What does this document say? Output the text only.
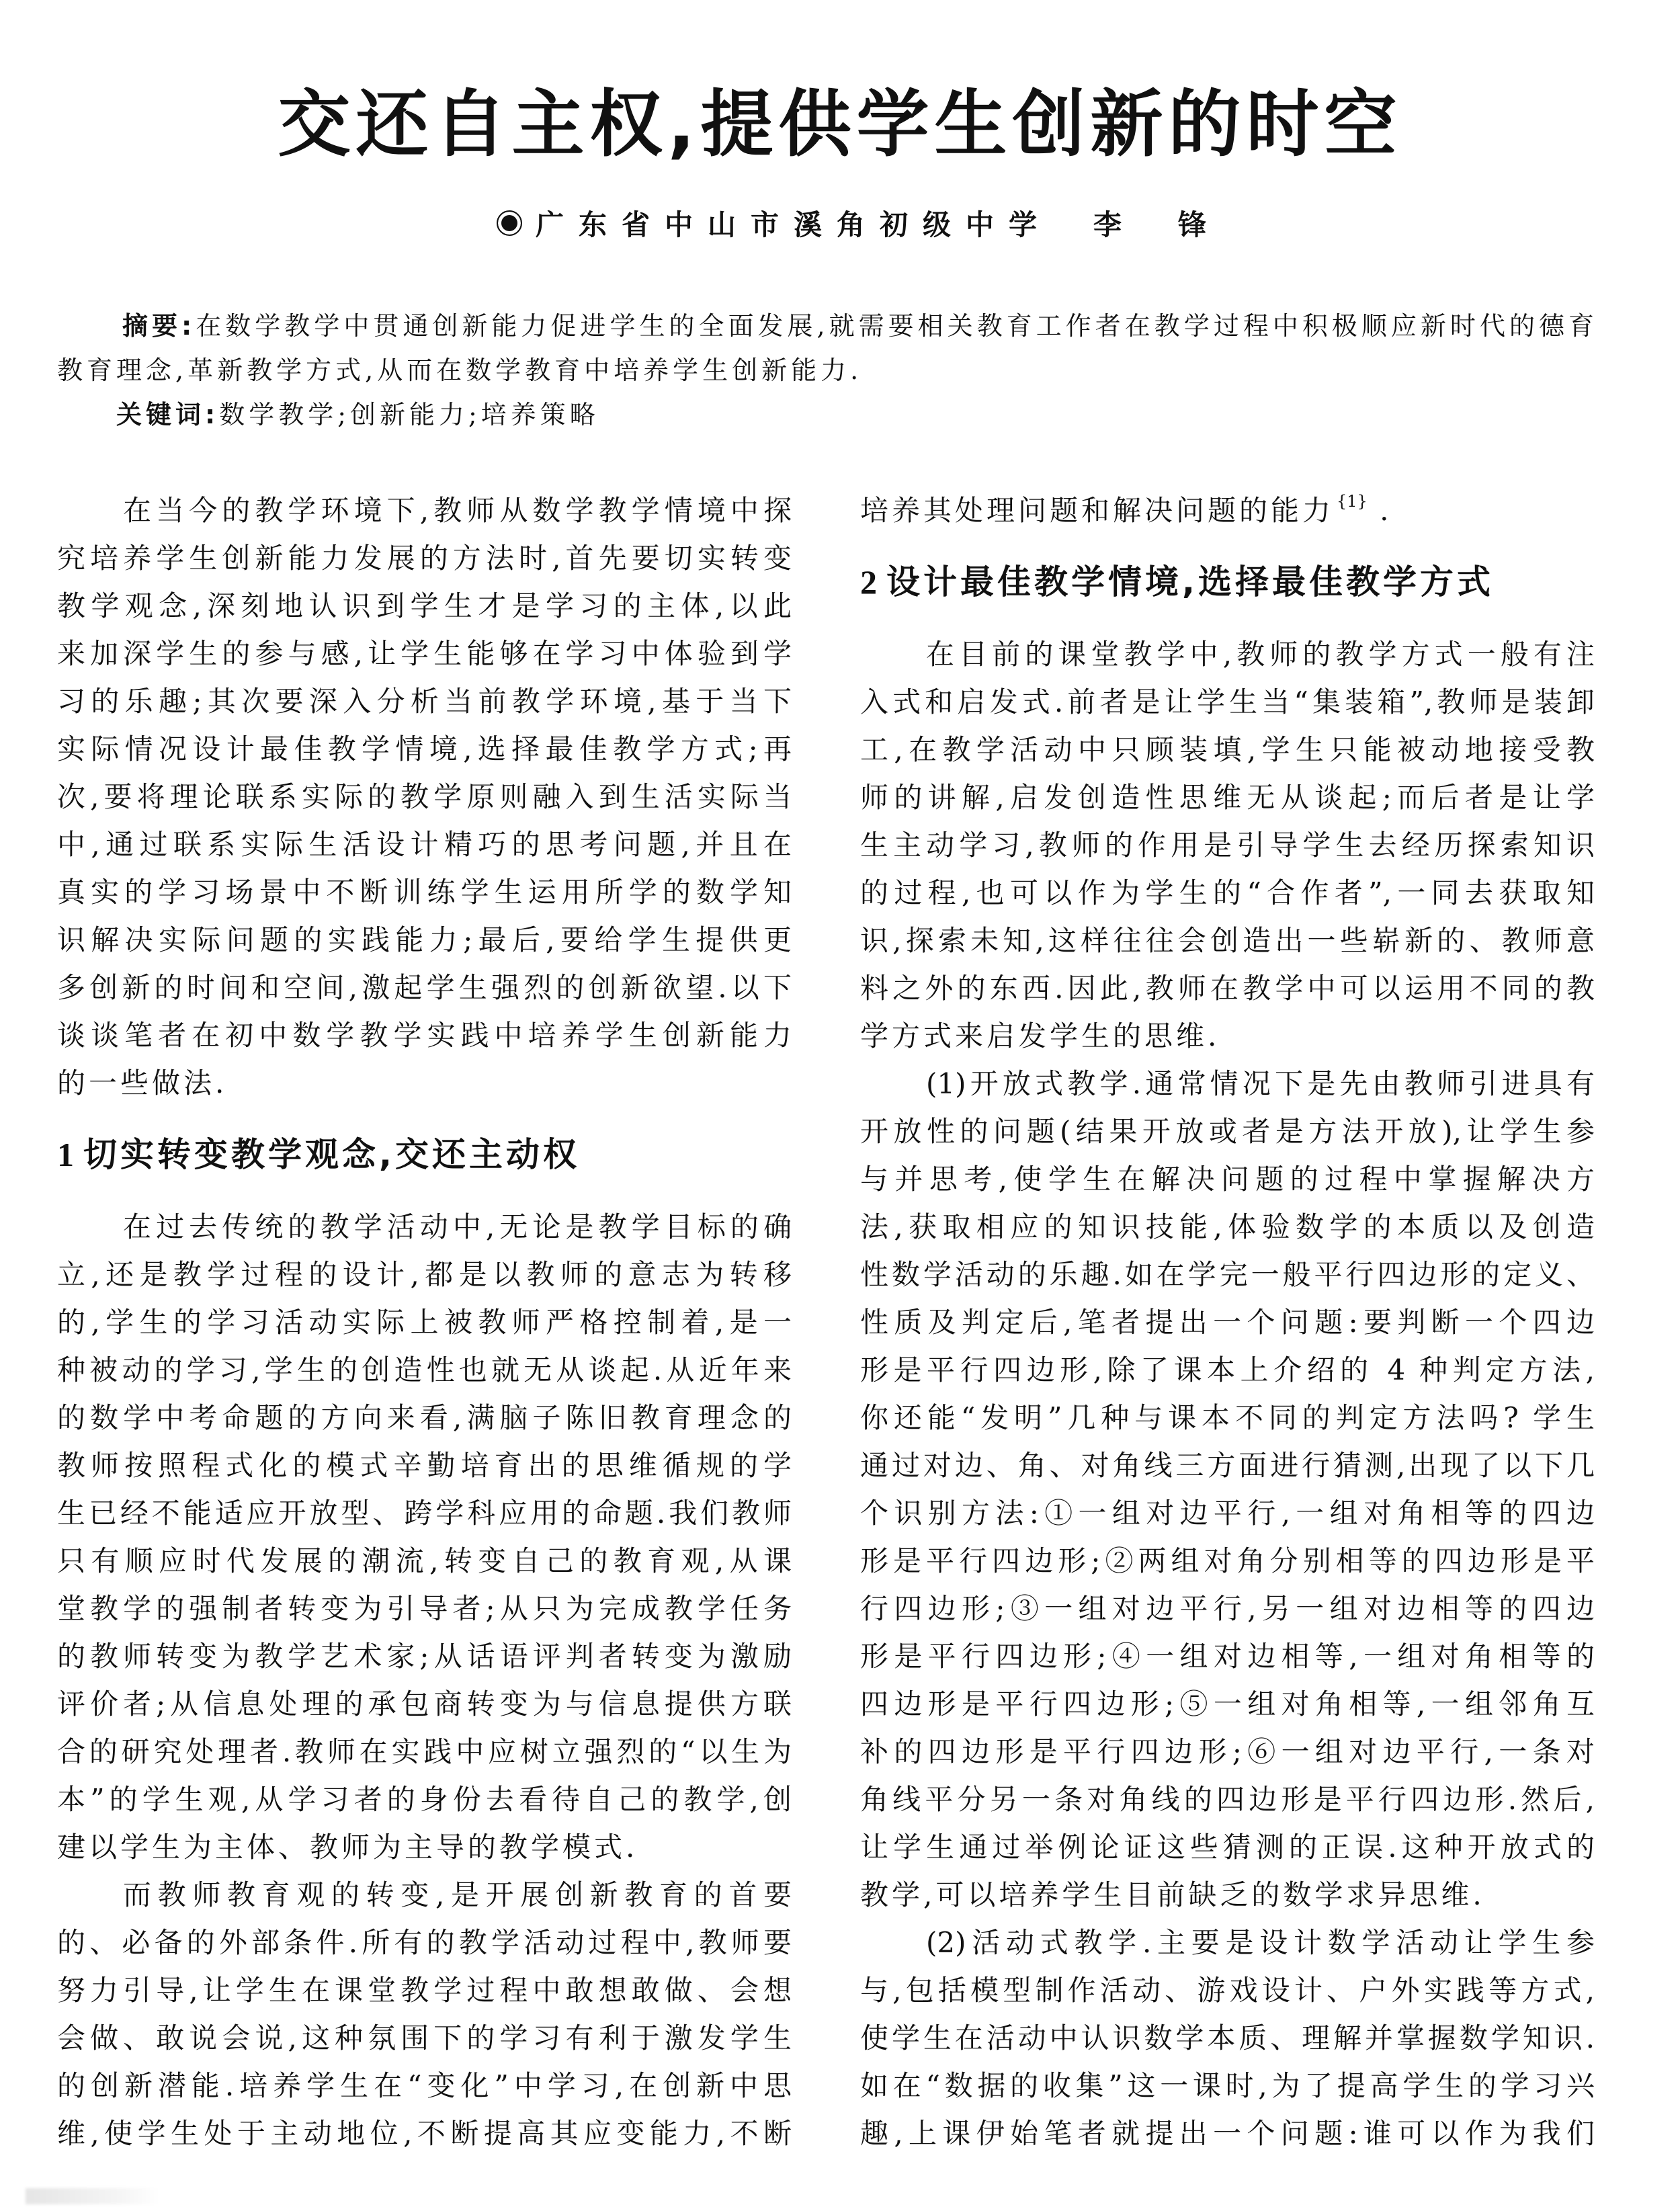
交还自主权,提供学生创新的时空
广东省中山市溪角初级中学 李锋
摘要:在数学教学中贯通创新能力促进学生的全面发展,就需要相关教育工作者在教学过程中积极顺应新时代的德育
教育理念,革新教学方式,从而在数学教育中培养学生创新能力.
关键词:数学教学;创新能力;培养策略
在当今的教学环境下,教师从数学教学情境中探
究培养学生创新能力发展的方法时,首先要切实转变
教学观念,深刻地认识到学生才是学习的主体,以此
来加深学生的参与感,让学生能够在学习中体验到学
习的乐趣;其次要深入分析当前教学环境,基于当下
实际情况设计最佳教学情境,选择最佳教学方式;再
次,要将理论联系实际的教学原则融入到生活实际当
中,通过联系实际生活设计精巧的思考问题,并且在
真实的学习场景中不断训练学生运用所学的数学知
识解决实际问题的实践能力;最后,要给学生提供更
多创新的时间和空间,激起学生强烈的创新欲望.以下
谈谈笔者在初中数学教学实践中培养学生创新能力
的一些做法.
1 切实转变教学观念,交还主动权
在过去传统的教学活动中,无论是教学目标的确
立,还是教学过程的设计,都是以教师的意志为转移
的,学生的学习活动实际上被教师严格控制着,是一
种被动的学习,学生的创造性也就无从谈起.从近年来
的数学中考命题的方向来看,满脑子陈旧教育理念的
教师按照程式化的模式辛勤培育出的思维循规的学
生已经不能适应开放型、跨学科应用的命题.我们教师
只有顺应时代发展的潮流,转变自己的教育观,从课
堂教学的强制者转变为引导者;从只为完成教学任务
的教师转变为教学艺术家;从话语评判者转变为激励
评价者;从信息处理的承包商转变为与信息提供方联
合的研究处理者.教师在实践中应树立强烈的“以生为
本”的学生观,从学习者的身份去看待自己的教学,创
建以学生为主体、教师为主导的教学模式.
而教师教育观的转变,是开展创新教育的首要
的、必备的外部条件.所有的教学活动过程中,教师要
努力引导,让学生在课堂教学过程中敢想敢做、会想
会做、敢说会说,这种氛围下的学习有利于激发学生
的创新潜能.培养学生在“变化”中学习,在创新中思
维,使学生处于主动地位,不断提高其应变能力,不断
培养其处理问题和解决问题的能力 $^{\{1\}}$ .
2 设计最佳教学情境,选择最佳教学方式
在目前的课堂教学中,教师的教学方式一般有注
入式和启发式.前者是让学生当“集装箱”,教师是装卸
工,在教学活动中只顾装填,学生只能被动地接受教
师的讲解,启发创造性思维无从谈起;而后者是让学
生主动学习,教师的作用是引导学生去经历探索知识
的过程,也可以作为学生的“合作者”,一同去获取知
识,探索未知,这样往往会创造出一些崭新的、教师意
料之外的东西.因此,教师在教学中可以运用不同的教
学方式来启发学生的思维.
(1)开放式教学.通常情况下是先由教师引进具有
开放性的问题(结果开放或者是方法开放),让学生参
与并思考,使学生在解决问题的过程中掌握解决方
法,获取相应的知识技能,体验数学的本质以及创造
性数学活动的乐趣.如在学完一般平行四边形的定义、
性质及判定后,笔者提出一个问题:要判断一个四边
形是平行四边形,除了课本上介绍的 4 种判定方法,
你还能“发明”几种与课本不同的判定方法吗? 学生
通过对边、角、对角线三方面进行猜测,出现了以下几
个识别方法:①一组对边平行,一组对角相等的四边
形是平行四边形;②两组对角分别相等的四边形是平
行四边形;③一组对边平行,另一组对边相等的四边
形是平行四边形;④一组对边相等,一组对角相等的
四边形是平行四边形;⑤一组对角相等,一组邻角互
补的四边形是平行四边形;⑥一组对边平行,一条对
角线平分另一条对角线的四边形是平行四边形.然后,
让学生通过举例论证这些猜测的正误.这种开放式的
教学,可以培养学生目前缺乏的数学求异思维.
(2)活动式教学.主要是设计数学活动让学生参
与,包括模型制作活动、游戏设计、户外实践等方式,
使学生在活动中认识数学本质、理解并掌握数学知识.
如在“数据的收集”这一课时,为了提高学生的学习兴
趣,上课伊始笔者就提出一个问题:谁可以作为我们
